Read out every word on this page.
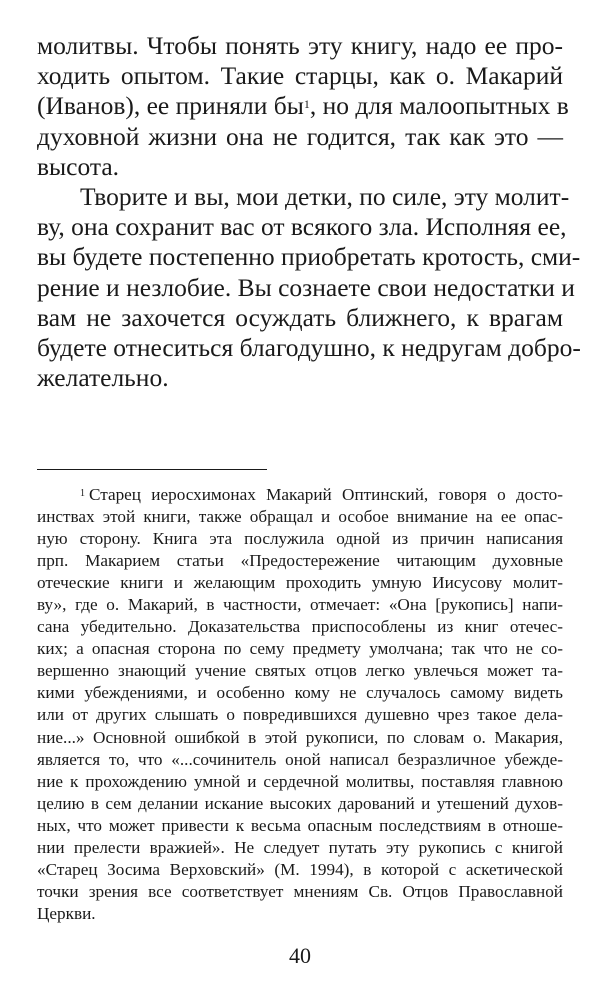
молитвы. Чтобы понять эту книгу, надо ее про-
ходить опытом. Такие старцы, как о. Макарий
(Иванов), ее приняли бы$^1$, но для малоопытных в
духовной жизни она не годится, так как это —
высота.
Творите и вы, мои детки, по силе, эту молит-
ву, она сохранит вас от всякого зла. Исполняя ее,
вы будете постепенно приобретать кротость, сми-
рение и незлобие. Вы сознаете свои недостатки и
вам не захочется осуждать ближнего, к врагам
будете отнеситься благодушно, к недругам добро-
желательно.
$^1$ Старец иеросхимонах Макарий Оптинский, говоря о досто-
инствах этой книги, также обращал и особое внимание на ее опас-
ную сторону. Книга эта послужила одной из причин написания
прп. Макарием статьи «Предостережение читающим духовные
отеческие книги и желающим проходить умную Иисусову молит-
ву», где о. Макарий, в частности, отмечает: «Она [рукопись] напи-
сана убедительно. Доказательства приспособлены из книг отечес-
ких; а опасная сторона по сему предмету умолчана; так что не со-
вершенно знающий учение святых отцов легко увлечься может та-
кими убеждениями, и особенно кому не случалось самому видеть
или от других слышать о повредившихся душевно чрез такое дела-
ние...» Основной ошибкой в этой рукописи, по словам о. Макария,
является то, что «...сочинитель оной написал безразличное убежде-
ние к прохождению умной и сердечной молитвы, поставляя главною
целию в сем делании искание высоких дарований и утешений духов-
ных, что может привести к весьма опасным последствиям в отноше-
нии прелести вражией». Не следует путать эту рукопись с книгой
«Старец Зосима Верховский» (М. 1994), в которой с аскетической
точки зрения все соответствует мнениям Св. Отцов Православной
Церкви.
40
